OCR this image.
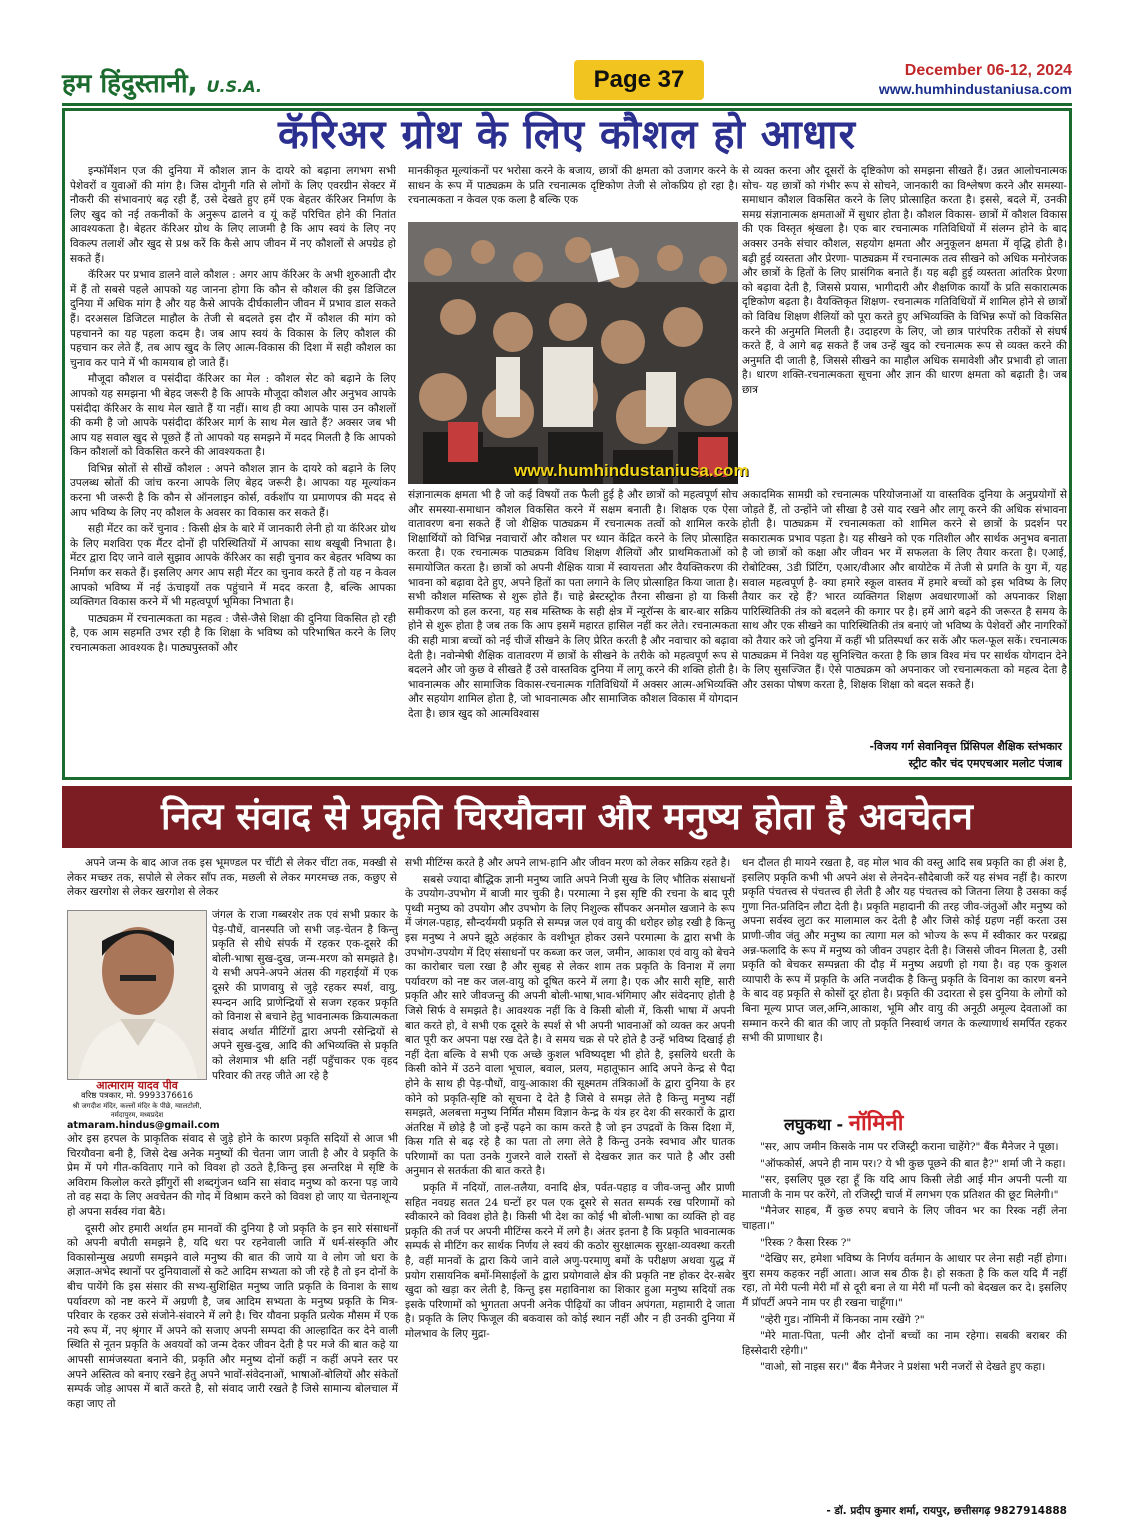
हम हिंदुस्तानी, U.S.A.	Page 37	December 06-12, 2024
www.humhindustaniusa.com
कॅरिअर ग्रोथ के लिए कौशल हो आधार

इन्फॉर्मेशन एज की दुनिया में कौशल ज्ञान के दायरे को बढ़ाना लगभग सभी पेशेवरों व युवाओं की मांग है। जिस दोगुनी गति से लोगों के लिए एवरग्रीन सेक्टर में नौकरी की संभावनाएं बढ़ रही हैं, उसे देखते हुए हमें एक बेहतर कॅरिअर निर्माण के लिए खुद को नई तकनीकों के अनुरूप ढालने व यूं कहें परिचित होने की नितांत आवश्यकता है। बेहतर कॅरिअर ग्रोथ के लिए लाजमी है कि आप स्वयं के लिए नए विकल्प तलाशें और खुद से प्रश्न करें कि कैसे आप जीवन में नए कौशलों से अपग्रेड हो सकते हैं।

कॅरिअर पर प्रभाव डालने वाले कौशल : अगर आप कॅरिअर के अभी शुरुआती दौर में हैं तो सबसे पहले आपको यह जानना होगा कि कौन से कौशल की इस डिजिटल दुनिया में अधिक मांग है और यह कैसे आपके दीर्घकालीन जीवन में प्रभाव डाल सकते हैं। दरअसल डिजिटल माहौल के तेजी से बदलते इस दौर में कौशल की मांग को पहचानने का यह पहला कदम है। जब आप स्वयं के विकास के लिए कौशल की पहचान कर लेते हैं, तब आप खुद के लिए आत्म-विकास की दिशा में सही कौशल का चुनाव कर पाने में भी कामयाब हो जाते हैं।

मौजूदा कौशल व पसंदीदा कॅरिअर का मेल : कौशल सेट को बढ़ाने के लिए आपको यह समझना भी बेहद जरूरी है कि आपके मौजूदा कौशल और अनुभव आपके पसंदीदा कॅरिअर के साथ मेल खाते हैं या नहीं। साथ ही क्या आपके पास उन कौशलों की कमी है जो आपके पसंदीदा कॅरिअर मार्ग के साथ मेल खाते हैं? अक्सर जब भी आप यह सवाल खुद से पूछते हैं तो आपको यह समझने में मदद मिलती है कि आपको किन कौशलों को विकसित करने की आवश्यकता है।

विभिन्न स्रोतों से सीखें कौशल : अपने कौशल ज्ञान के दायरे को बढ़ाने के लिए उपलब्ध स्रोतों की जांच करना आपके लिए बेहद जरूरी है। आपका यह मूल्यांकन करना भी जरूरी है कि कौन से ऑनलाइन कोर्स, वर्कशॉप या प्रमाणपत्र की मदद से आप भविष्य के लिए नए कौशल के अवसर का विकास कर सकते हैं।

सही मेंटर का करें चुनाव : किसी क्षेत्र के बारे में जानकारी लेनी हो या कॅरिअर ग्रोथ के लिए मशविरा एक मैंटर दोनों ही परिस्थितियों में आपका साथ बखूबी निभाता है। मेंटर द्वारा दिए जाने वाले सुझाव आपके कॅरिअर का सही चुनाव कर बेहतर भविष्य का निर्माण कर सकते हैं। इसलिए अगर आप सही मेंटर का चुनाव करते हैं तो यह न केवल आपको भविष्य में नई ऊंचाइयों तक पहुंचाने में मदद करता है, बल्कि आपका व्यक्तिगत विकास करने में भी महत्वपूर्ण भूमिका निभाता है।

पाठ्यक्रम में रचनात्मकता का महत्व : जैसे-जैसे शिक्षा की दुनिया विकसित हो रही है, एक आम सहमति उभर रही है कि शिक्षा के भविष्य को परिभाषित करने के लिए रचनात्मकता आवश्यक है। पाठ्यपुस्तकों और

मानकीकृत मूल्यांकनों पर भरोसा करने के बजाय, छात्रों की क्षमता को उजागर करने के साधन के रूप में पाठ्यक्रम के प्रति रचनात्मक दृष्टिकोण तेजी से लोकप्रिय हो रहा है। रचनात्मकता न केवल एक कला है बल्कि एक

www.humhindustaniusa.com

संज्ञानात्मक क्षमता भी है जो कई विषयों तक फैली हुई है और छात्रों को महत्वपूर्ण सोच और समस्या-समाधान कौशल विकसित करने में सक्षम बनाती है। शिक्षक एक ऐसा वातावरण बना सकते हैं जो शैक्षिक पाठ्यक्रम में रचनात्मक तत्वों को शामिल करके शिक्षार्थियों को विभिन्न नवाचारों और कौशल पर ध्यान केंद्रित करने के लिए प्रोत्साहित करता है। एक रचनात्मक पाठ्यक्रम विविध शिक्षण शैलियों और प्राथमिकताओं को समायोजित करता है। छात्रों को अपनी शैक्षिक यात्रा में स्वायत्तता और वैयक्तिकरण की भावना को बढ़ावा देते हुए, अपने हितों का पता लगाने के लिए प्रोत्साहित किया जाता है। सभी कौशल मस्तिष्क से शुरू होते हैं। चाहे ब्रेस्टस्ट्रोक तैरना सीखना हो या किसी समीकरण को हल करना, यह सब मस्तिष्क के सही क्षेत्र में न्यूरॉन्स के बार-बार सक्रिय होने से शुरू होता है जब तक कि आप इसमें महारत हासिल नहीं कर लेते। रचनात्मकता की सही मात्रा बच्चों को नई चीजें सीखने के लिए प्रेरित करती है और नवाचार को बढ़ावा देती है। नवोन्मेषी शैक्षिक वातावरण में छात्रों के सीखने के तरीके को महत्वपूर्ण रूप से बदलने और जो कुछ वे सीखते हैं उसे वास्तविक दुनिया में लागू करने की शक्ति होती है। भावनात्मक और सामाजिक विकास-रचनात्मक गतिविधियों में अक्सर आत्म-अभिव्यक्ति और सहयोग शामिल होता है, जो भावनात्मक और सामाजिक कौशल विकास में योगदान देता है। छात्र खुद को आत्मविश्वास

से व्यक्त करना और दूसरों के दृष्टिकोण को समझना सीखते हैं। उन्नत आलोचनात्मक सोच- यह छात्रों को गंभीर रूप से सोचने, जानकारी का विश्लेषण करने और समस्या-समाधान कौशल विकसित करने के लिए प्रोत्साहित करता है। इससे, बदले में, उनकी समग्र संज्ञानात्मक क्षमताओं में सुधार होता है। कौशल विकास- छात्रों में कौशल विकास की एक विस्तृत श्रृंखला है। एक बार रचनात्मक गतिविधियों में संलग्न होने के बाद अक्सर उनके संचार कौशल, सहयोग क्षमता और अनुकूलन क्षमता में वृद्धि होती है। बढ़ी हुई व्यस्तता और प्रेरणा- पाठ्यक्रम में रचनात्मक तत्व सीखने को अधिक मनोरंजक और छात्रों के हितों के लिए प्रासंगिक बनाते हैं। यह बढ़ी हुई व्यस्तता आंतरिक प्रेरणा को बढ़ावा देती है, जिससे प्रयास, भागीदारी और शैक्षणिक कार्यों के प्रति सकारात्मक दृष्टिकोण बढ़ता है। वैयक्तिकृत शिक्षण- रचनात्मक गतिविधियों में शामिल होने से छात्रों को विविध शिक्षण शैलियों को पूरा करते हुए अभिव्यक्ति के विभिन्न रूपों को विकसित करने की अनुमति मिलती है। उदाहरण के लिए, जो छात्र पारंपरिक तरीकों से संघर्ष करते हैं, वे आगे बढ़ सकते हैं जब उन्हें खुद को रचनात्मक रूप से व्यक्त करने की अनुमति दी जाती है, जिससे सीखने का माहौल अधिक समावेशी और प्रभावी हो जाता है। धारण शक्ति-रचनात्मकता सूचना और ज्ञान की धारण क्षमता को बढ़ाती है। जब छात्र

अकादमिक सामग्री को रचनात्मक परियोजनाओं या वास्तविक दुनिया के अनुप्रयोगों से जोड़ते हैं, तो उन्होंने जो सीखा है उसे याद रखने और लागू करने की अधिक संभावना होती है। पाठ्यक्रम में रचनात्मकता को शामिल करने से छात्रों के प्रदर्शन पर सकारात्मक प्रभाव पड़ता है। यह सीखने को एक गतिशील और सार्थक अनुभव बनाता है जो छात्रों को कक्षा और जीवन भर में सफलता के लिए तैयार करता है। एआई, रोबोटिक्स, 3डी प्रिंटिंग, एआर/वीआर और बायोटेक में तेजी से प्रगति के युग में, यह सवाल महत्वपूर्ण है- क्या हमारे स्कूल वास्तव में हमारे बच्चों को इस भविष्य के लिए तैयार कर रहे हैं? भारत व्यक्तिगत शिक्षण अवधारणाओं को अपनाकर शिक्षा पारिस्थितिकी तंत्र को बदलने की कगार पर है। हमें आगे बढ़ने की जरूरत है समय के साथ और एक सीखने का पारिस्थितिकी तंत्र बनाएं जो भविष्य के पेशेवरों और नागरिकों को तैयार करे जो दुनिया में कहीं भी प्रतिस्पर्धा कर सकें और फल-फूल सकें। रचनात्मक पाठ्यक्रम में निवेश यह सुनिश्चित करता है कि छात्र विश्व मंच पर सार्थक योगदान देने के लिए सुसज्जित हैं। ऐसे पाठ्यक्रम को अपनाकर जो रचनात्मकता को महत्व देता है और उसका पोषण करता है, शिक्षक शिक्षा को बदल सकते हैं।

-विजय गर्ग सेवानिवृत्त प्रिंसिपल शैक्षिक स्तंभकार
स्ट्रीट कौर चंद एमएचआर मलोट पंजाब
नित्य संवाद से प्रकृति चिरयौवना और मनुष्य होता है अवचेतन

अपने जन्म के बाद आज तक इस भूमण्डल पर चींटी से लेकर चींटा तक, मक्खी से लेकर मच्छर तक, सपोले से लेकर साँप तक, मछली से लेकर मगरमच्छ तक, कछुए से लेकर खरगोश से लेकर खरगोश से लेकर

आत्माराम यादव पीव
वरिष्ठ पत्रकार, मो. 9993376616
श्री जगदीश मंदिर, कल्लों मंदिर के पीछे, ग्वालटोली, नर्मदापुरम, मध्यप्रदेश
atmaram.hindus@gmail.com

जंगल के राजा गब्बरशेर तक एवं सभी प्रकार के पेड़-पौधें, वानस्पति जो सभी जड़-चेतन है किन्तु प्रकृति से सीधे संपर्क में रहकर एक-दूसरे की बोली-भाषा सुख-दुख, जन्म-मरण को समझते है। ये सभी अपने-अपने अंतस की गहराईयों में एक दूसरे की प्राणवायु से जुड़े रहकर स्पर्श, वायु, स्पन्दन आदि प्राणेन्द्रियों से सजग रहकर प्रकृति को विनाश से बचाने हेतु भावनात्मक क्रियात्मकता संवाद अर्थात मीटिंगों द्वारा अपनी रसेन्द्रियों से अपने सुख-दुख, आदि की अभिव्यक्ति से प्रकृति को लेशमात्र भी क्षति नहीं पहुँचाकर एक वृहद परिवार की तरह जीते आ रहे है

ओर इस हरपल के प्राकृतिक संवाद से जुड़े होने के कारण प्रकृति सदियों से आज भी चिरयौवना बनी है, जिसे देख अनेक मनुष्यों की चेतना जाग जाती है और वे प्रकृति के प्रेम में पगे गीत-कविताए गाने को विवश हो उठते है,किन्तु इस अन्तरिक्ष मे सृष्टि के अविराम किलोल करते झींगुरों सी शब्दगुंजन ध्वनि सा संवाद मनुष्य को करना पड़ जाये तो वह सदा के लिए अवचेतन की गोद में विश्राम करने को विवश हो जाए या चेतनाशून्य हो अपना सर्वस्व गंवा बैठे।

दूसरी ओर हमारी अर्थात हम मानवों की दुनिया है जो प्रकृति के इन सारे संसाधनों को अपनी बपौती समझने है, यदि धरा पर रहनेवाली जाति में धर्म-संस्कृति और विकासोन्मुख अग्रणी समझने वाले मनुष्य की बात की जाये या वे लोग जो धरा के अज्ञात-अभेद स्थानों पर दुनियावालों से कटे आदिम सभ्यता को जी रहे है तो इन दोनों के बीच पायेंगे कि इस संसार की सभ्य-सुशिक्षित मनुष्य जाति प्रकृति के विनाश के साथ पर्यावरण को नष्ट करने में अग्रणी है, जब आदिम सभ्यता के मनुष्य प्रकृति के मित्र-परिवार के रहकर उसे संजोने-संवारने में लगे है। चिर यौवना प्रकृति प्रत्येक मौसम में एक नये रूप में, नए श्रृंगार में अपने को सजाए अपनी सम्पदा की आल्हादित कर देने वाली स्थिति से नूतन प्रकृति के अवयवों को जन्म देकर जीवन देती है पर मजे की बात कहे या आपसी सामंजस्यता बनाने की, प्रकृति और मनुष्य दोनों कहीं न कहीं अपने स्तर पर अपने अस्तित्व को बनाए रखने हेतु अपने भावों-संवेदनाओं, भाषाओं-बोलियों और संकेतों सम्पर्क जोड़ आपस में बातें करते है, सो संवाद जारी रखते है जिसे सामान्य बोलचाल में कहा जाए तो

सभी मीटिंग्स करते है और अपने लाभ-हानि और जीवन मरण को लेकर सक्रिय रहते है।

सबसे ज्यादा बौद्धिक ज्ञानी मनुष्य जाति अपने निजी सुख के लिए भौतिक संसाधनों के उपयोग-उपभोग में बाजी मार चुकी है। परमात्मा ने इस सृष्टि की रचना के बाद पूरी पृथ्वी मनुष्य को उपयोग और उपभोग के लिए निशुल्क सौंपकर अनमोल खजाने के रूप में जंगल-पहाड़, सौन्दर्यमयी प्रकृति से सम्पन्न जल एवं वायु की धरोहर छोड़ रखी है किन्तु इस मनुष्य ने अपने झूठे अहंकार के वशीभूत होकर उसने परमात्मा के द्वारा सभी के उपभोग-उपयोग में दिए संसाधनों पर कब्जा कर जल, जमीन, आकाश एवं वायु को बेचने का कारोबार चला रखा है और सुबह से लेकर शाम तक प्रकृति के विनाश में लगा पर्यावरण को नष्ट कर जल-वायु को दूषित करने में लगा है। एक और सारी सृष्टि, सारी प्रकृति और सारे जीवजन्तु की अपनी बोली-भाषा,भाव-भंगिमाए और संवेदनाए होती है जिसे सिर्फ वे समझते है। आवश्यक नहीं कि वे किसी बोली में, किसी भाषा में अपनी बात करते हो, वे सभी एक दूसरे के स्पर्श से भी अपनी भावनाओं को व्यक्त कर अपनी बात पूरी कर अपना पक्ष रख देते है। वे समय चक्र से परे होते है उन्हें भविष्य दिखाई ही नहीं देता बल्कि वे सभी एक अच्छे कुशल भविष्यदृष्टा भी होते है, इसलिये धरती के किसी कोने में उठने वाला भूचाल, बवाल, प्रलय, महातूफान आदि अपने केन्द्र से पैदा होने के साथ ही पेड़-पौधों, वायु-आकाश की सूक्ष्मतम तंत्रिकाओं के द्वारा दुनिया के हर कोने को प्रकृति-सृष्टि को सूचना दे देते है जिसे वे समझ लेते है किन्तु मनुष्य नहीं समझते, अलबत्ता मनुष्य निर्मित मौसम विज्ञान केन्द्र के यंत्र हर देश की सरकारों के द्वारा अंतरिक्ष में छोड़े है जो इन्हें पढ़ने का काम करते है जो इन उपद्रवों के किस दिशा में, किस गति से बढ़ रहे है का पता तो लगा लेते है किन्तु उनके स्वभाव और घातक परिणामों का पता उनके गुजरने वाले रास्तों से देखकर ज्ञात कर पाते है और उसी अनुमान से सतर्कता की बात करते है।

प्रकृति में नदियों, ताल-तलैया, वनादि क्षेत्र, पर्वत-पहाड़ व जीव-जन्तु और प्राणी सहित नवग्रह सतत 24 घन्टों हर पल एक दूसरे से सतत सम्पर्क रख परिणामों को स्वीकारने को विवश होते है। किसी भी देश का कोई भी बोली-भाषा का व्यक्ति हो वह प्रकृति की तर्ज पर अपनी मीटिंग्स करने में लगे है। अंतर इतना है कि प्रकृति भावनात्मक सम्पर्क से मीटिंग कर सार्थक निर्णय ले स्वयं की कठोर सुरक्षात्मक सुरक्षा-व्यवस्था करती है, वहीं मानवों के द्वारा किये जाने वाले अणु-परमाणु बमों के परीक्षण अथवा युद्ध में प्रयोग रासायनिक बमों-मिसाईलों के द्वारा प्रयोगवाले क्षेत्र की प्रकृति नष्ट होकर देर-सबेर खुदा को खड़ा कर लेती है, किन्तु इस महाविनाश का शिकार हुआ मनुष्य सदियों तक इसके परिणामों को भुगतता अपनी अनेक पीढ़ियों का जीवन अपंगता, महामारी दे जाता है। प्रकृति के लिए फिजूल की बकवास को कोई स्थान नहीं और न ही उनकी दुनिया में मोलभाव के लिए मुद्रा-

धन दौलत ही मायने रखता है, वह मोल भाव की वस्तु आदि सब प्रकृति का ही अंश है, इसलिए प्रकृति कभी भी अपने अंश से लेनदेन-सौदेबाजी करें यह संभव नहीं है। कारण प्रकृति पंचतत्त्व से पंचतत्त्व ही लेती है और यह पंचतत्त्व को जितना लिया है उसका कई गुणा नित-प्रतिदिन लौटा देती है। प्रकृति महादानी की तरह जीव-जंतुओं और मनुष्य को अपना सर्वस्व लुटा कर मालामाल कर देती है और जिसे कोई ग्रहण नहीं करता उस प्राणी-जीव जंतु और मनुष्य का त्यागा मल को भोज्य के रूप में स्वीकार कर परब्रह्म अन्न-फलादि के रूप में मनुष्य को जीवन उपहार देती है। जिससे जीवन मिलता है, उसी प्रकृति को बेचकर सम्पन्नता की दौड़ में मनुष्य अग्रणी हो गया है। वह एक कुशल व्यापारी के रूप में प्रकृति के अति नजदीक है किन्तु प्रकृति के विनाश का कारण बनने के बाद वह प्रकृति से कोसों दूर होता है। प्रकृति की उदारता से इस दुनिया के लोगों को बिना मूल्य प्राप्त जल,अग्नि,आकाश, भूमि और वायु की अनूठी अमूल्य देवताओं का सम्मान करने की बात की जाए तो प्रकृति निस्वार्थ जगत के कल्याणार्थ समर्पित रहकर सभी की प्राणाधार है।

लघुकथा - नॉमिनी

"सर, आप जमीन किसके नाम पर रजिस्ट्री कराना चाहेंगे?" बैंक मैनेजर ने पूछा।

"ऑफकोर्स, अपने ही नाम पर।? ये भी कुछ पूछने की बात है?" शर्मा जी ने कहा।

"सर, इसलिए पूछ रहा हूँ कि यदि आप किसी लेडी आई मीन अपनी पत्नी या माताजी के नाम पर करेंगे, तो रजिस्ट्री चार्ज में लगभग एक प्रतिशत की छूट मिलेगी।"

"मैनेजर साहब, मैं कुछ रुपए बचाने के लिए जीवन भर का रिस्क नहीं लेना चाहता।"

"रिस्क ? कैसा रिस्क ?"

"देखिए सर, हमेशा भविष्य के निर्णय वर्तमान के आधार पर लेना सही नहीं होगा। बुरा समय कहकर नहीं आता। आज सब ठीक है। हो सकता है कि कल यदि मैं नहीं रहा, तो मेरी पत्नी मेरी माँ से दूरी बना ले या मेरी माँ पत्नी को बेदखल कर दे। इसलिए मैं प्रॉपर्टी अपने नाम पर ही रखना चाहूँगा।"

"व्हेरी गुड। नॉमिनी में किनका नाम रखेंगे ?"

"मेरे माता-पिता, पत्नी और दोनों बच्चों का नाम रहेगा। सबकी बराबर की हिस्सेदारी रहेगी।"

"वाओ, सो नाइस सर।" बैंक मैनेजर ने प्रशंसा भरी नजरों से देखते हुए कहा।

- डॉ. प्रदीप कुमार शर्मा, रायपुर, छत्तीसगढ़ 9827914888
